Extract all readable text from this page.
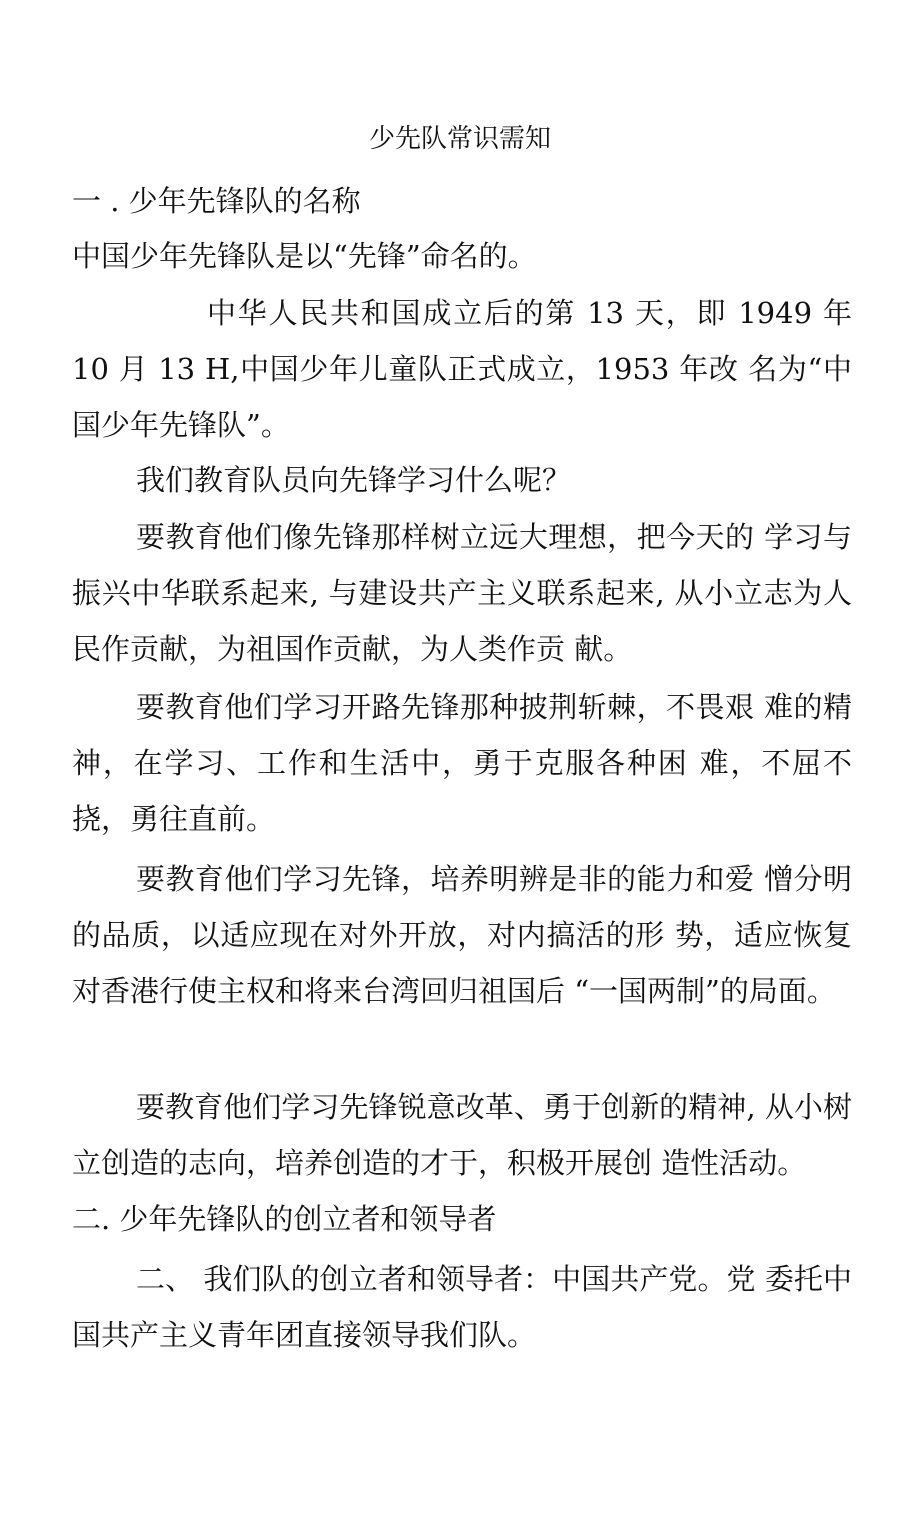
少先队常识需知
一 . 少年先锋队的名称

中国少年先锋队是以“先锋”命名的。

中华人民共和国成立后的第 13 天，即 1949 年 10 月 13 H,中国少年儿童队正式成立，1953 年改 名为“中国少年先锋队”。

我们教育队员向先锋学习什么呢？

要教育他们像先锋那样树立远大理想，把今天的 学习与振兴中华联系起来, 与建设共产主义联系起来, 从小立志为人民作贡献，为祖国作贡献，为人类作贡 献。

要教育他们学习开路先锋那种披荆斩棘，不畏艰 难的精神，在学习、工作和生活中，勇于克服各种困 难，不屈不挠，勇往直前。

要教育他们学习先锋，培养明辨是非的能力和爱 憎分明的品质，以适应现在对外开放，对内搞活的形 势，适应恢复对香港行使主权和将来台湾回归祖国后 “一国两制”的局面。

要教育他们学习先锋锐意改革、勇于创新的精神, 从小树立创造的志向，培养创造的才于，积极开展创 造性活动。

二. 少年先锋队的创立者和领导者

二、 我们队的创立者和领导者：中国共产党。党 委托中国共产主义青年团直接领导我们队。
